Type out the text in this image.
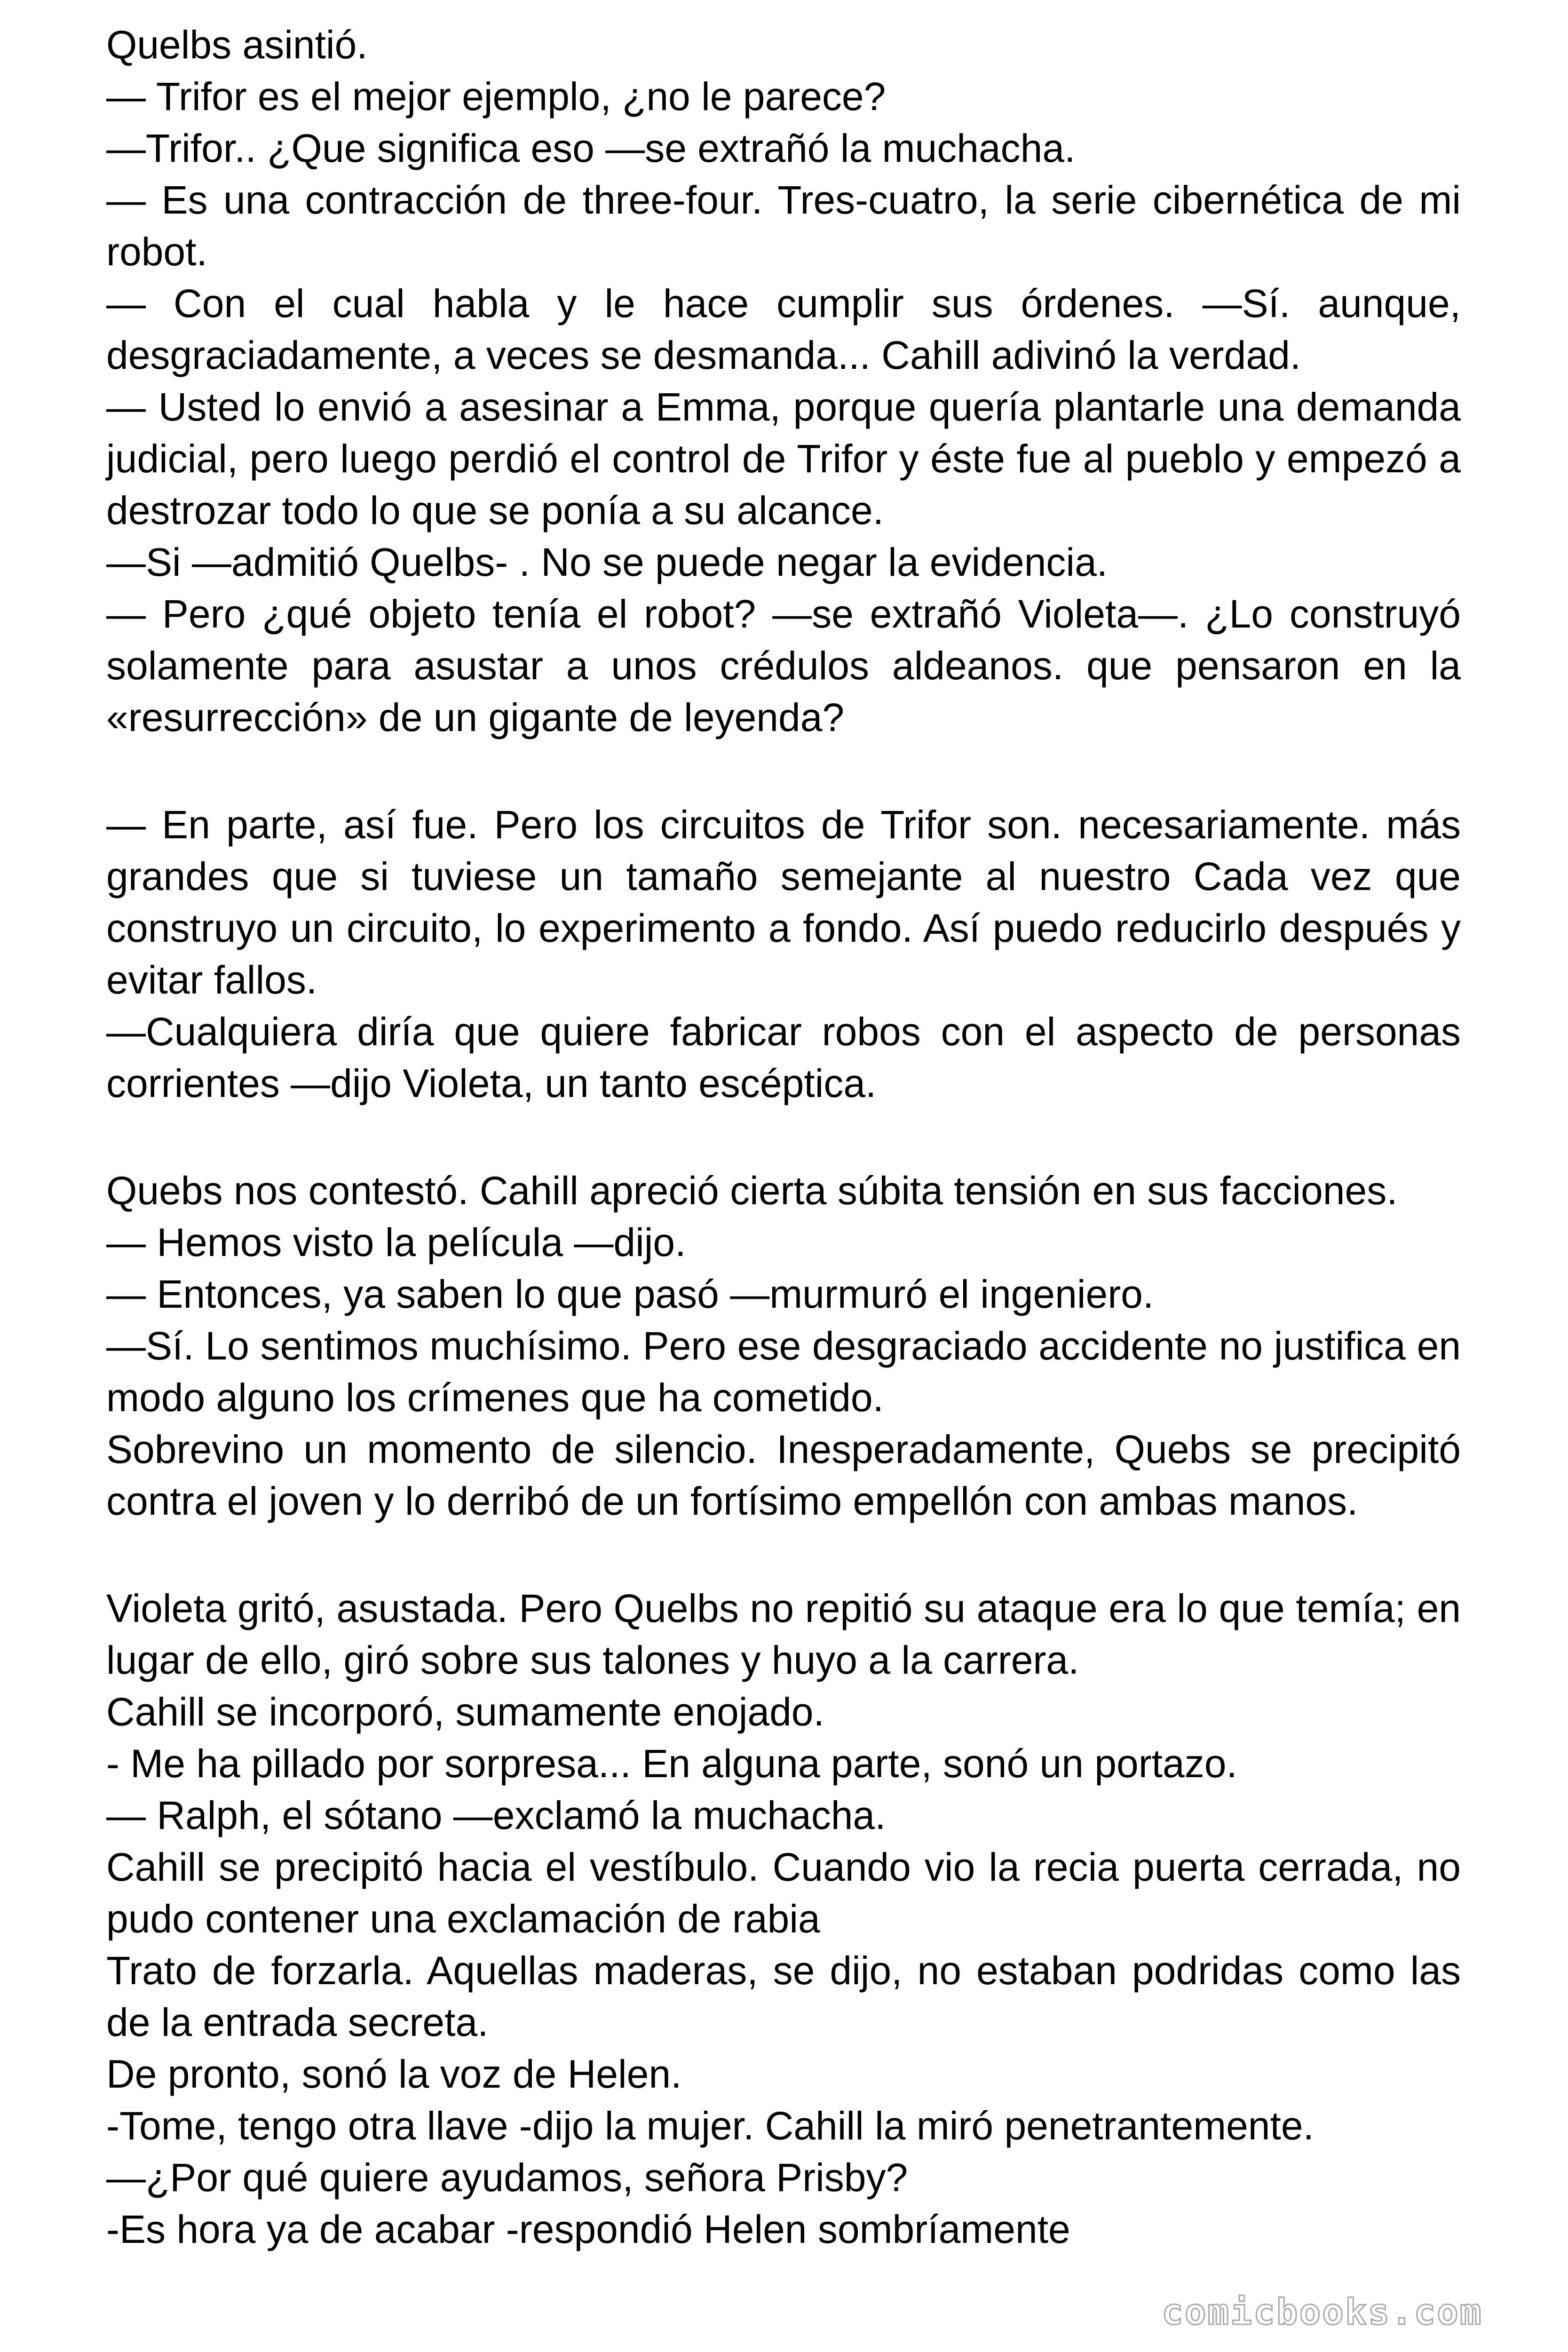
Quelbs asintió.

— Trifor es el mejor ejemplo, ¿no le parece?

—Trifor.. ¿Que significa eso —se extrañó la muchacha.

— Es una contracción de three-four. Tres-cuatro, la serie cibernética de mi robot.

— Con el cual habla y le hace cumplir sus órdenes. —Sí. aunque, desgraciadamente, a veces se desmanda... Cahill adivinó la verdad.

— Usted lo envió a asesinar a Emma, porque quería plantarle una demanda judicial, pero luego perdió el control de Trifor y éste fue al pueblo y empezó a destrozar todo lo que se ponía a su alcance.

—Si —admitió Quelbs- . No se puede negar la evidencia.

— Pero ¿qué objeto tenía el robot? —se extrañó Violeta—. ¿Lo construyó solamente para asustar a unos crédulos aldeanos. que pensaron en la «resurrección» de un gigante de leyenda?

— En parte, así fue. Pero los circuitos de Trifor son. necesariamente. más grandes que si tuviese un tamaño semejante al nuestro Cada vez que construyo un circuito, lo experimento a fondo. Así puedo reducirlo después y evitar fallos.

—Cualquiera diría que quiere fabricar robos con el aspecto de personas corrientes —dijo Violeta, un tanto escéptica.

Quebs nos contestó. Cahill apreció cierta súbita tensión en sus facciones.

— Hemos visto la película —dijo.

— Entonces, ya saben lo que pasó —murmuró el ingeniero.

—Sí. Lo sentimos muchísimo. Pero ese desgraciado accidente no justifica en modo alguno los crímenes que ha cometido.

Sobrevino un momento de silencio. Inesperadamente, Quebs se precipitó contra el joven y lo derribó de un fortísimo empellón con ambas manos.

Violeta gritó, asustada. Pero Quelbs no repitió su ataque era lo que temía; en lugar de ello, giró sobre sus talones y huyo a la carrera.

Cahill se incorporó, sumamente enojado.

- Me ha pillado por sorpresa... En alguna parte, sonó un portazo.

— Ralph, el sótano —exclamó la muchacha.

Cahill se precipitó hacia el vestíbulo. Cuando vio la recia puerta cerrada, no pudo contener una exclamación de rabia

Trato de forzarla. Aquellas maderas, se dijo, no estaban podridas como las de la entrada secreta.

De pronto, sonó la voz de Helen.

-Tome, tengo otra llave -dijo la mujer. Cahill la miró penetrantemente.

—¿Por qué quiere ayudamos, señora Prisby?

-Es hora ya de acabar -respondió Helen sombríamente

comicbooks.com
